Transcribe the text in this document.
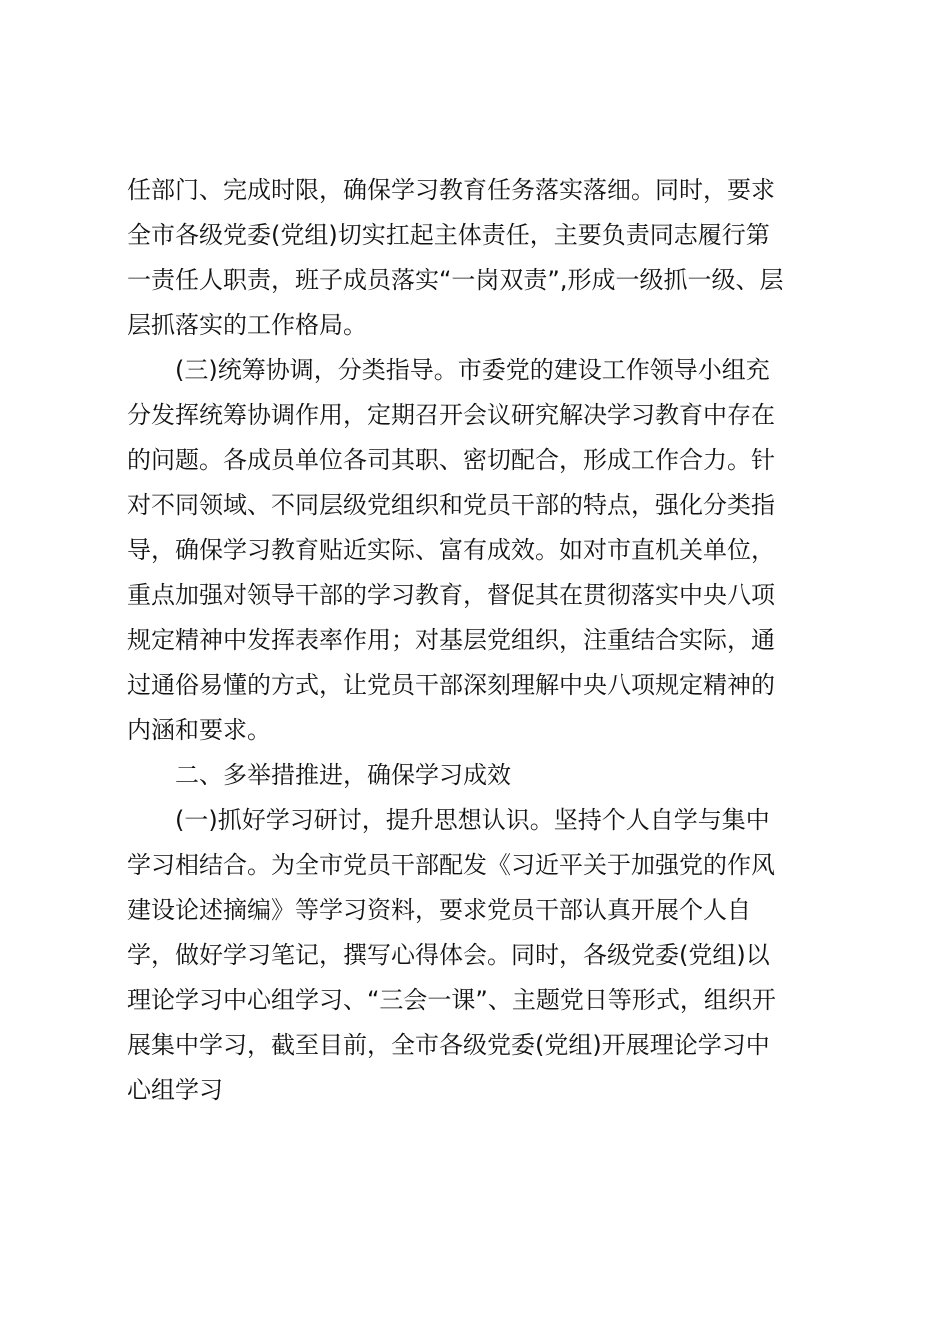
任部门、完成时限，确保学习教育任务落实落细。同时，要求
全市各级党委(党组)切实扛起主体责任，主要负责同志履行第
一责任人职责，班子成员落实“一岗双责”,形成一级抓一级、层
层抓落实的工作格局。
(三)统筹协调，分类指导。市委党的建设工作领导小组充
分发挥统筹协调作用，定期召开会议研究解决学习教育中存在
的问题。各成员单位各司其职、密切配合，形成工作合力。针
对不同领域、不同层级党组织和党员干部的特点，强化分类指
导，确保学习教育贴近实际、富有成效。如对市直机关单位，
重点加强对领导干部的学习教育，督促其在贯彻落实中央八项
规定精神中发挥表率作用；对基层党组织，注重结合实际，通
过通俗易懂的方式，让党员干部深刻理解中央八项规定精神的
内涵和要求。
二、多举措推进，确保学习成效
(一)抓好学习研讨，提升思想认识。坚持个人自学与集中
学习相结合。为全市党员干部配发《习近平关于加强党的作风
建设论述摘编》等学习资料，要求党员干部认真开展个人自
学，做好学习笔记，撰写心得体会。同时，各级党委(党组)以
理论学习中心组学习、“三会一课”、主题党日等形式，组织开
展集中学习，截至目前，全市各级党委(党组)开展理论学习中
心组学习
